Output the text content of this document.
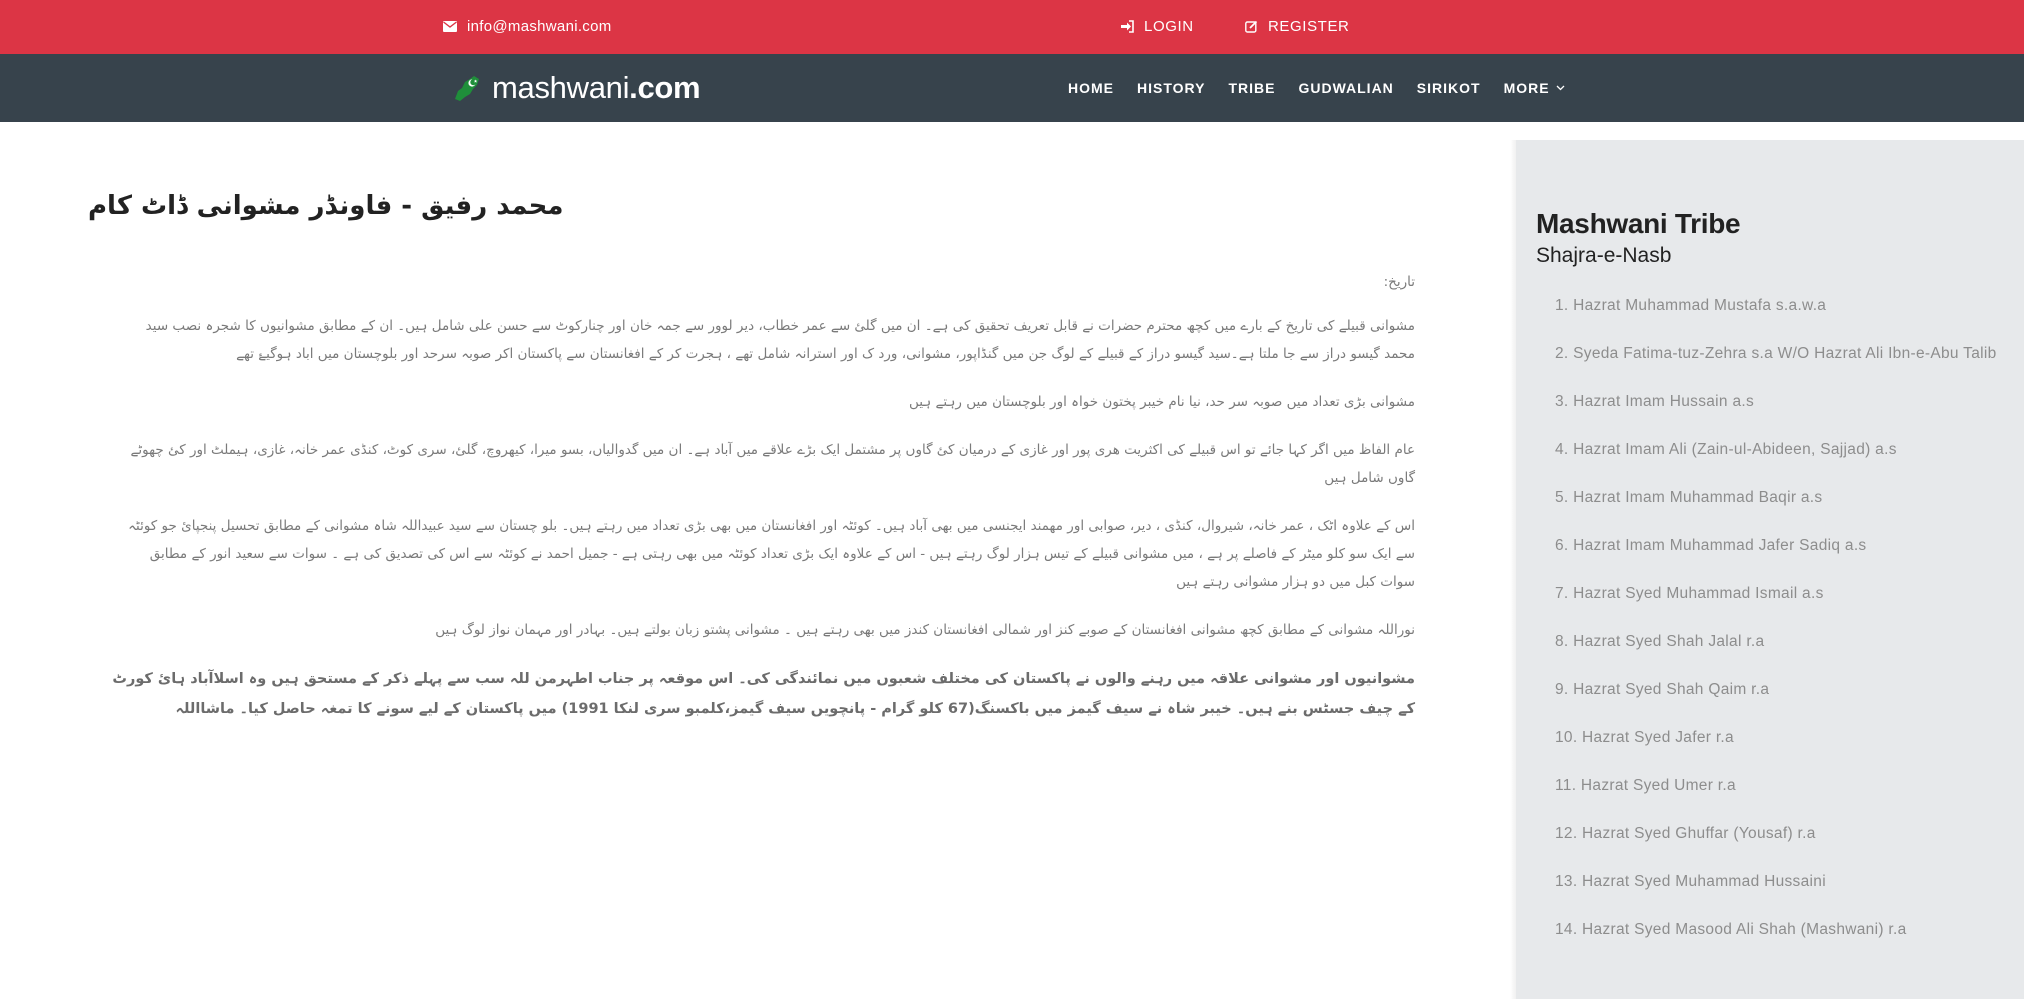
info@mashwani.com	LOGIN	REGISTER
mashwani.com	HOME HISTORY TRIBE GUDWALIAN SIRIKOT MORE
محمد رفیق - فاونڈر مشوانی ڈاٹ کام

تاریخ:

مشوانی قبیلے کی تاریخ کے بارے میں کچھ محترم حضرات نے قابل تعریف تحقیق کی ہے۔ ان میں گلئ سے عمر خطاب، دیر لوور سے جمہ خان اور چنارکوٹ سے حسن علی شامل ہیں۔ ان کے مطابق مشوانیوں کا شجرہ نصب سید محمد گیسو دراز سے جا ملتا ہے۔سید گیسو دراز کے قبیلے کے لوگ جن میں گنڈاپور، مشوانی، ورد ک اور استرانہ شامل تھے ، ہجرت کر کے افغانستان سے پاکستان اکر صوبہ سرحد اور بلوچستان میں اباد ہوگیۓ تھے

مشوانی بڑی تعداد میں صوبہ سر حد، نیا نام خیبر پختون خواہ اور بلوچستان میں رہتے ہیں

عام الفاظ میں اگر کہا جائے تو اس قبیلے کی اکثریت هری پور اور غازی کے درمیان کئ گاوں پر مشتمل ایک بڑے علاقے میں آباد ہے۔ ان میں گدوالیاں، بسو میرا، کیھروچ، گلئ، سری کوٹ، کنڈی عمر خانہ، غازی، ہیملٹ اور کئ چھوٹے گاوں شامل ہیں

اس کے علاوہ اٹک ، عمر خانہ، شیروال، کنڈی ، دیر، صوابی اور مھمند ایجنسی میں بھی آباد ہیں۔ کوئٹہ اور افغانستان میں بھی بڑی تعداد میں رہتے ہیں۔ بلو چستان سے سید عبیداللہ شاہ مشوانی کے مطابق تحسیل پنجپائ جو کوئٹہ سے ایک سو کلو میٹر کے فاصلے پر ہے ، میں مشوانی قبیلے کے تیس ہزار لوگ رہتے ہیں - اس کے علاوہ ایک بڑی تعداد کوئٹہ میں بھی رہتی ہے - جمیل احمد نے کوئٹہ سے اس کی تصدیق کی ہے ۔ سوات سے سعید انور کے مطابق سوات کبل میں دو ہزار مشوانی رہتے ہیں

نوراللہ مشوانی کے مطابق کچھ مشوانی افغانستان کے صوبے کنز اور شمالی افغانستان کندز میں بھی رہتے ہیں ۔ مشوانی پشتو زبان بولتے ہیں۔ بہادر اور مہمان نواز لوگ ہیں

مشوانیوں اور مشوانی علاقہ میں رہنے والوں نے پاکستان کی مختلف شعبوں میں نمائندگی کی۔ اس موقعہ پر جناب اطہرمن للہ سب سے پہلے ذکر کے مستحق ہیں وہ اسلاآباد ہائ کورٹ کے چیف جسٹس بنے ہیں۔ خیبر شاہ نے سیف گیمز میں باکسنگ(67 کلو گرام - پانچویں سیف گیمز،کلمبو سری لنکا 1991) میں پاکستان کے لیے سونے کا تمغہ حاصل کیا۔ ماشااللہ

Mashwani Tribe
Shajra-e-Nasb
1. Hazrat Muhammad Mustafa s.a.w.a
2. Syeda Fatima-tuz-Zehra s.a W/O Hazrat Ali Ibn-e-Abu Talib
3. Hazrat Imam Hussain a.s
4. Hazrat Imam Ali (Zain-ul-Abideen, Sajjad) a.s
5. Hazrat Imam Muhammad Baqir a.s
6. Hazrat Imam Muhammad Jafer Sadiq a.s
7. Hazrat Syed Muhammad Ismail a.s
8. Hazrat Syed Shah Jalal r.a
9. Hazrat Syed Shah Qaim r.a
10. Hazrat Syed Jafer r.a
11. Hazrat Syed Umer r.a
12. Hazrat Syed Ghuffar (Yousaf) r.a
13. Hazrat Syed Muhammad Hussaini
14. Hazrat Syed Masood Ali Shah (Mashwani) r.a
